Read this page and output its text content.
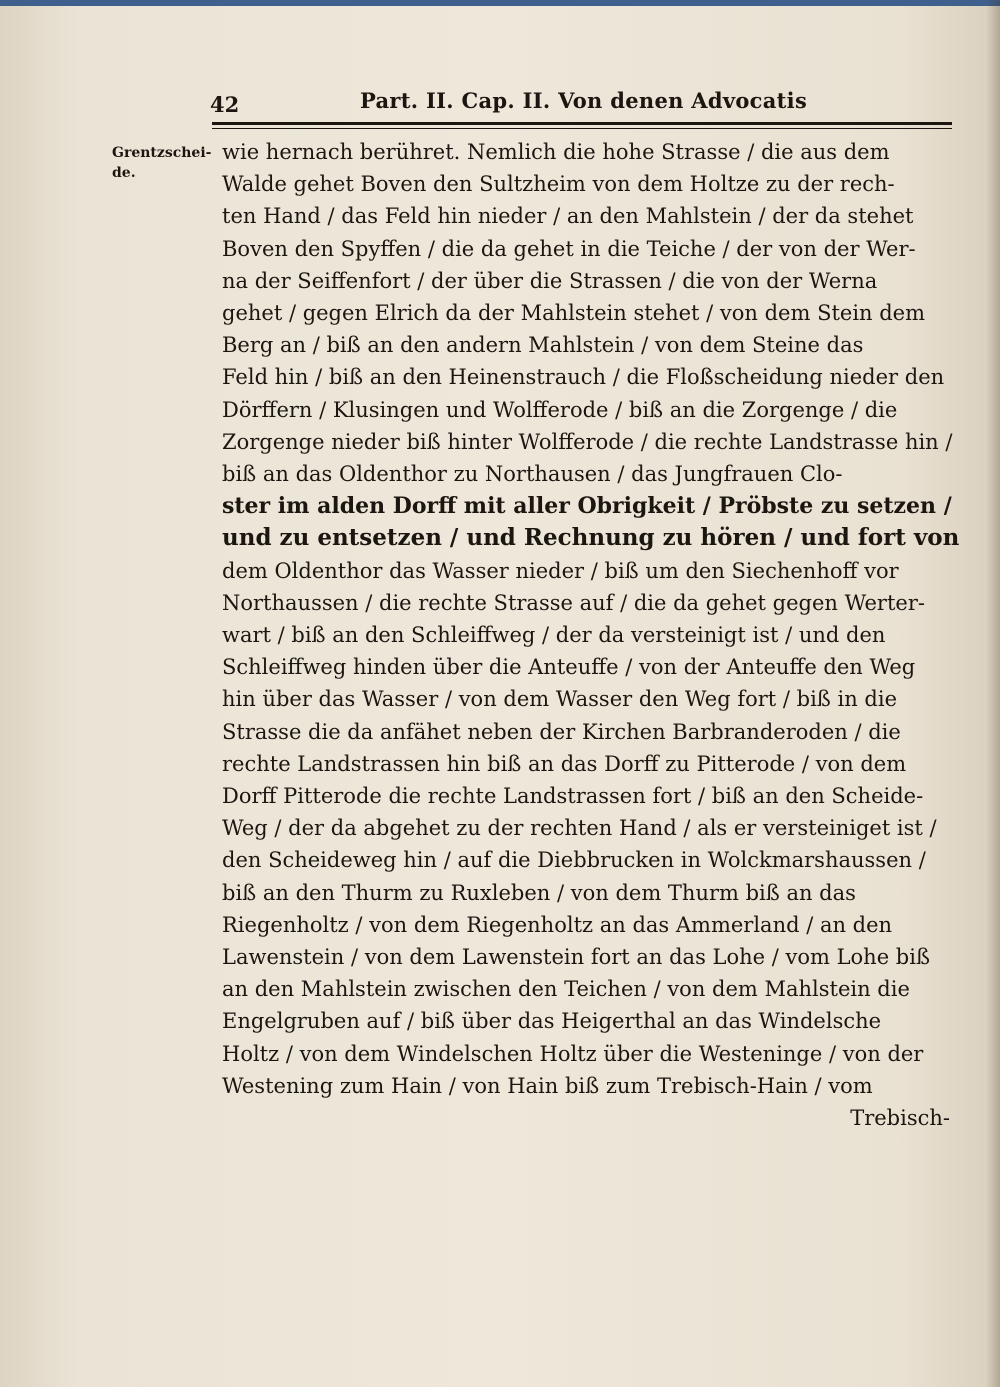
42	Part. II. Cap. II. Von denen Advocatis
Grentzschei-
de.
wie hernach berühret. Nemlich die hohe Strasse / die aus dem
Walde gehet Boven den Sultzheim von dem Holtze zu der rech-
ten Hand / das Feld hin nieder / an den Mahlstein / der da stehet
Boven den Spyffen / die da gehet in die Teiche / der von der Wer-
na der Seiffenfort / der über die Strassen / die von der Werna
gehet / gegen Elrich da der Mahlstein stehet / von dem Stein dem
Berg an / biß an den andern Mahlstein / von dem Steine das
Feld hin / biß an den Heinenstrauch / die Floßscheidung nieder den
Dörffern / Klusingen und Wolfferode / biß an die Zorgenge / die
Zorgenge nieder biß hinter Wolfferode / die rechte Landstrasse hin /
biß an das Oldenthor zu Northausen / das Jungfrauen Clo-
ster im alden Dorff mit aller Obrigkeit / Pröbste zu setzen /
und zu entsetzen / und Rechnung zu hören / und fort von
dem Oldenthor das Wasser nieder / biß um den Siechenhoff vor
Northaussen / die rechte Strasse auf / die da gehet gegen Werter-
wart / biß an den Schleiffweg / der da versteinigt ist / und den
Schleiffweg hinden über die Anteuffe / von der Anteuffe den Weg
hin über das Wasser / von dem Wasser den Weg fort / biß in die
Strasse die da anfähet neben der Kirchen Barbranderoden / die
rechte Landstrassen hin biß an das Dorff zu Pitterode / von dem
Dorff Pitterode die rechte Landstrassen fort / biß an den Scheide-
Weg / der da abgehet zu der rechten Hand / als er versteiniget ist /
den Scheideweg hin / auf die Diebbrucken in Wolckmarshaussen /
biß an den Thurm zu Ruxleben / von dem Thurm biß an das
Riegenholtz / von dem Riegenholtz an das Ammerland / an den
Lawenstein / von dem Lawenstein fort an das Lohe / vom Lohe biß
an den Mahlstein zwischen den Teichen / von dem Mahlstein die
Engelgruben auf / biß über das Heigerthal an das Windelsche
Holtz / von dem Windelschen Holtz über die Westeninge / von der
Westening zum Hain / von Hain biß zum Trebisch-Hain / vom
Trebisch-
